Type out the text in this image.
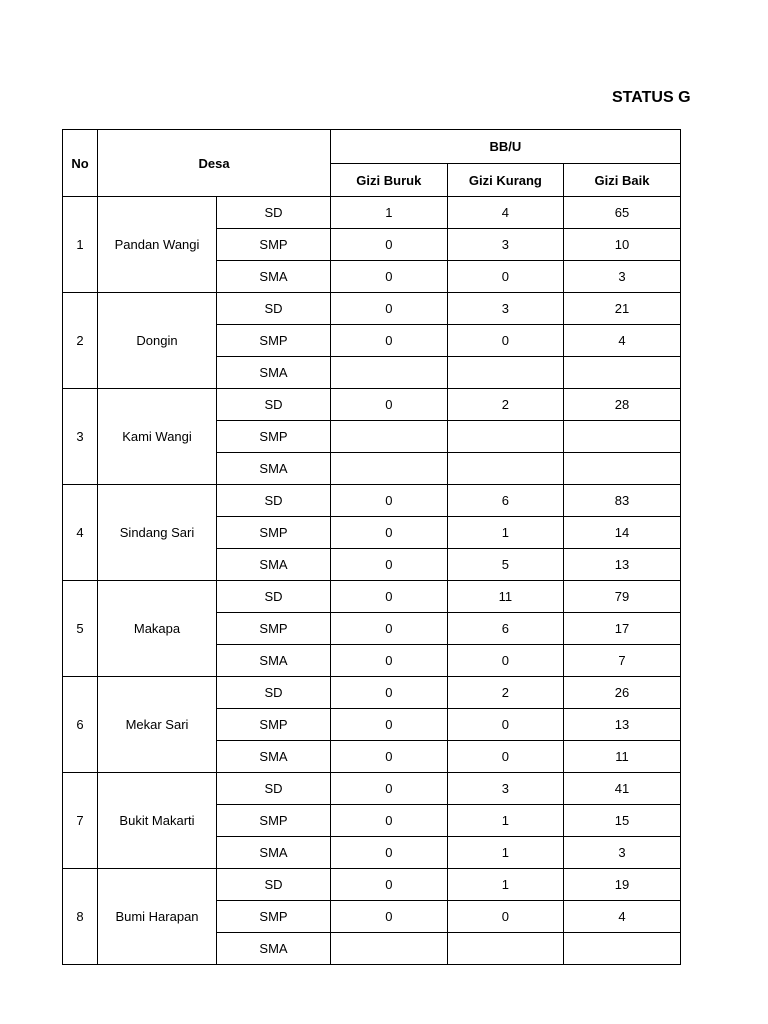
STATUS G
No	Desa		BB/U		
			Gizi Buruk	Gizi Kurang	Gizi Baik
1	Pandan Wangi	SD	1	4	65
		SMP	0	3	10
		SMA	0	0	3
2	Dongin	SD	0	3	21
		SMP	0	0	4
		SMA			
3	Kami Wangi	SD	0	2	28
		SMP			
		SMA			
4	Sindang Sari	SD	0	6	83
		SMP	0	1	14
		SMA	0	5	13
5	Makapa	SD	0	11	79
		SMP	0	6	17
		SMA	0	0	7
6	Mekar Sari	SD	0	2	26
		SMP	0	0	13
		SMA	0	0	11
7	Bukit Makarti	SD	0	3	41
		SMP	0	1	15
		SMA	0	1	3
8	Bumi Harapan	SD	0	1	19
		SMP	0	0	4
		SMA			
